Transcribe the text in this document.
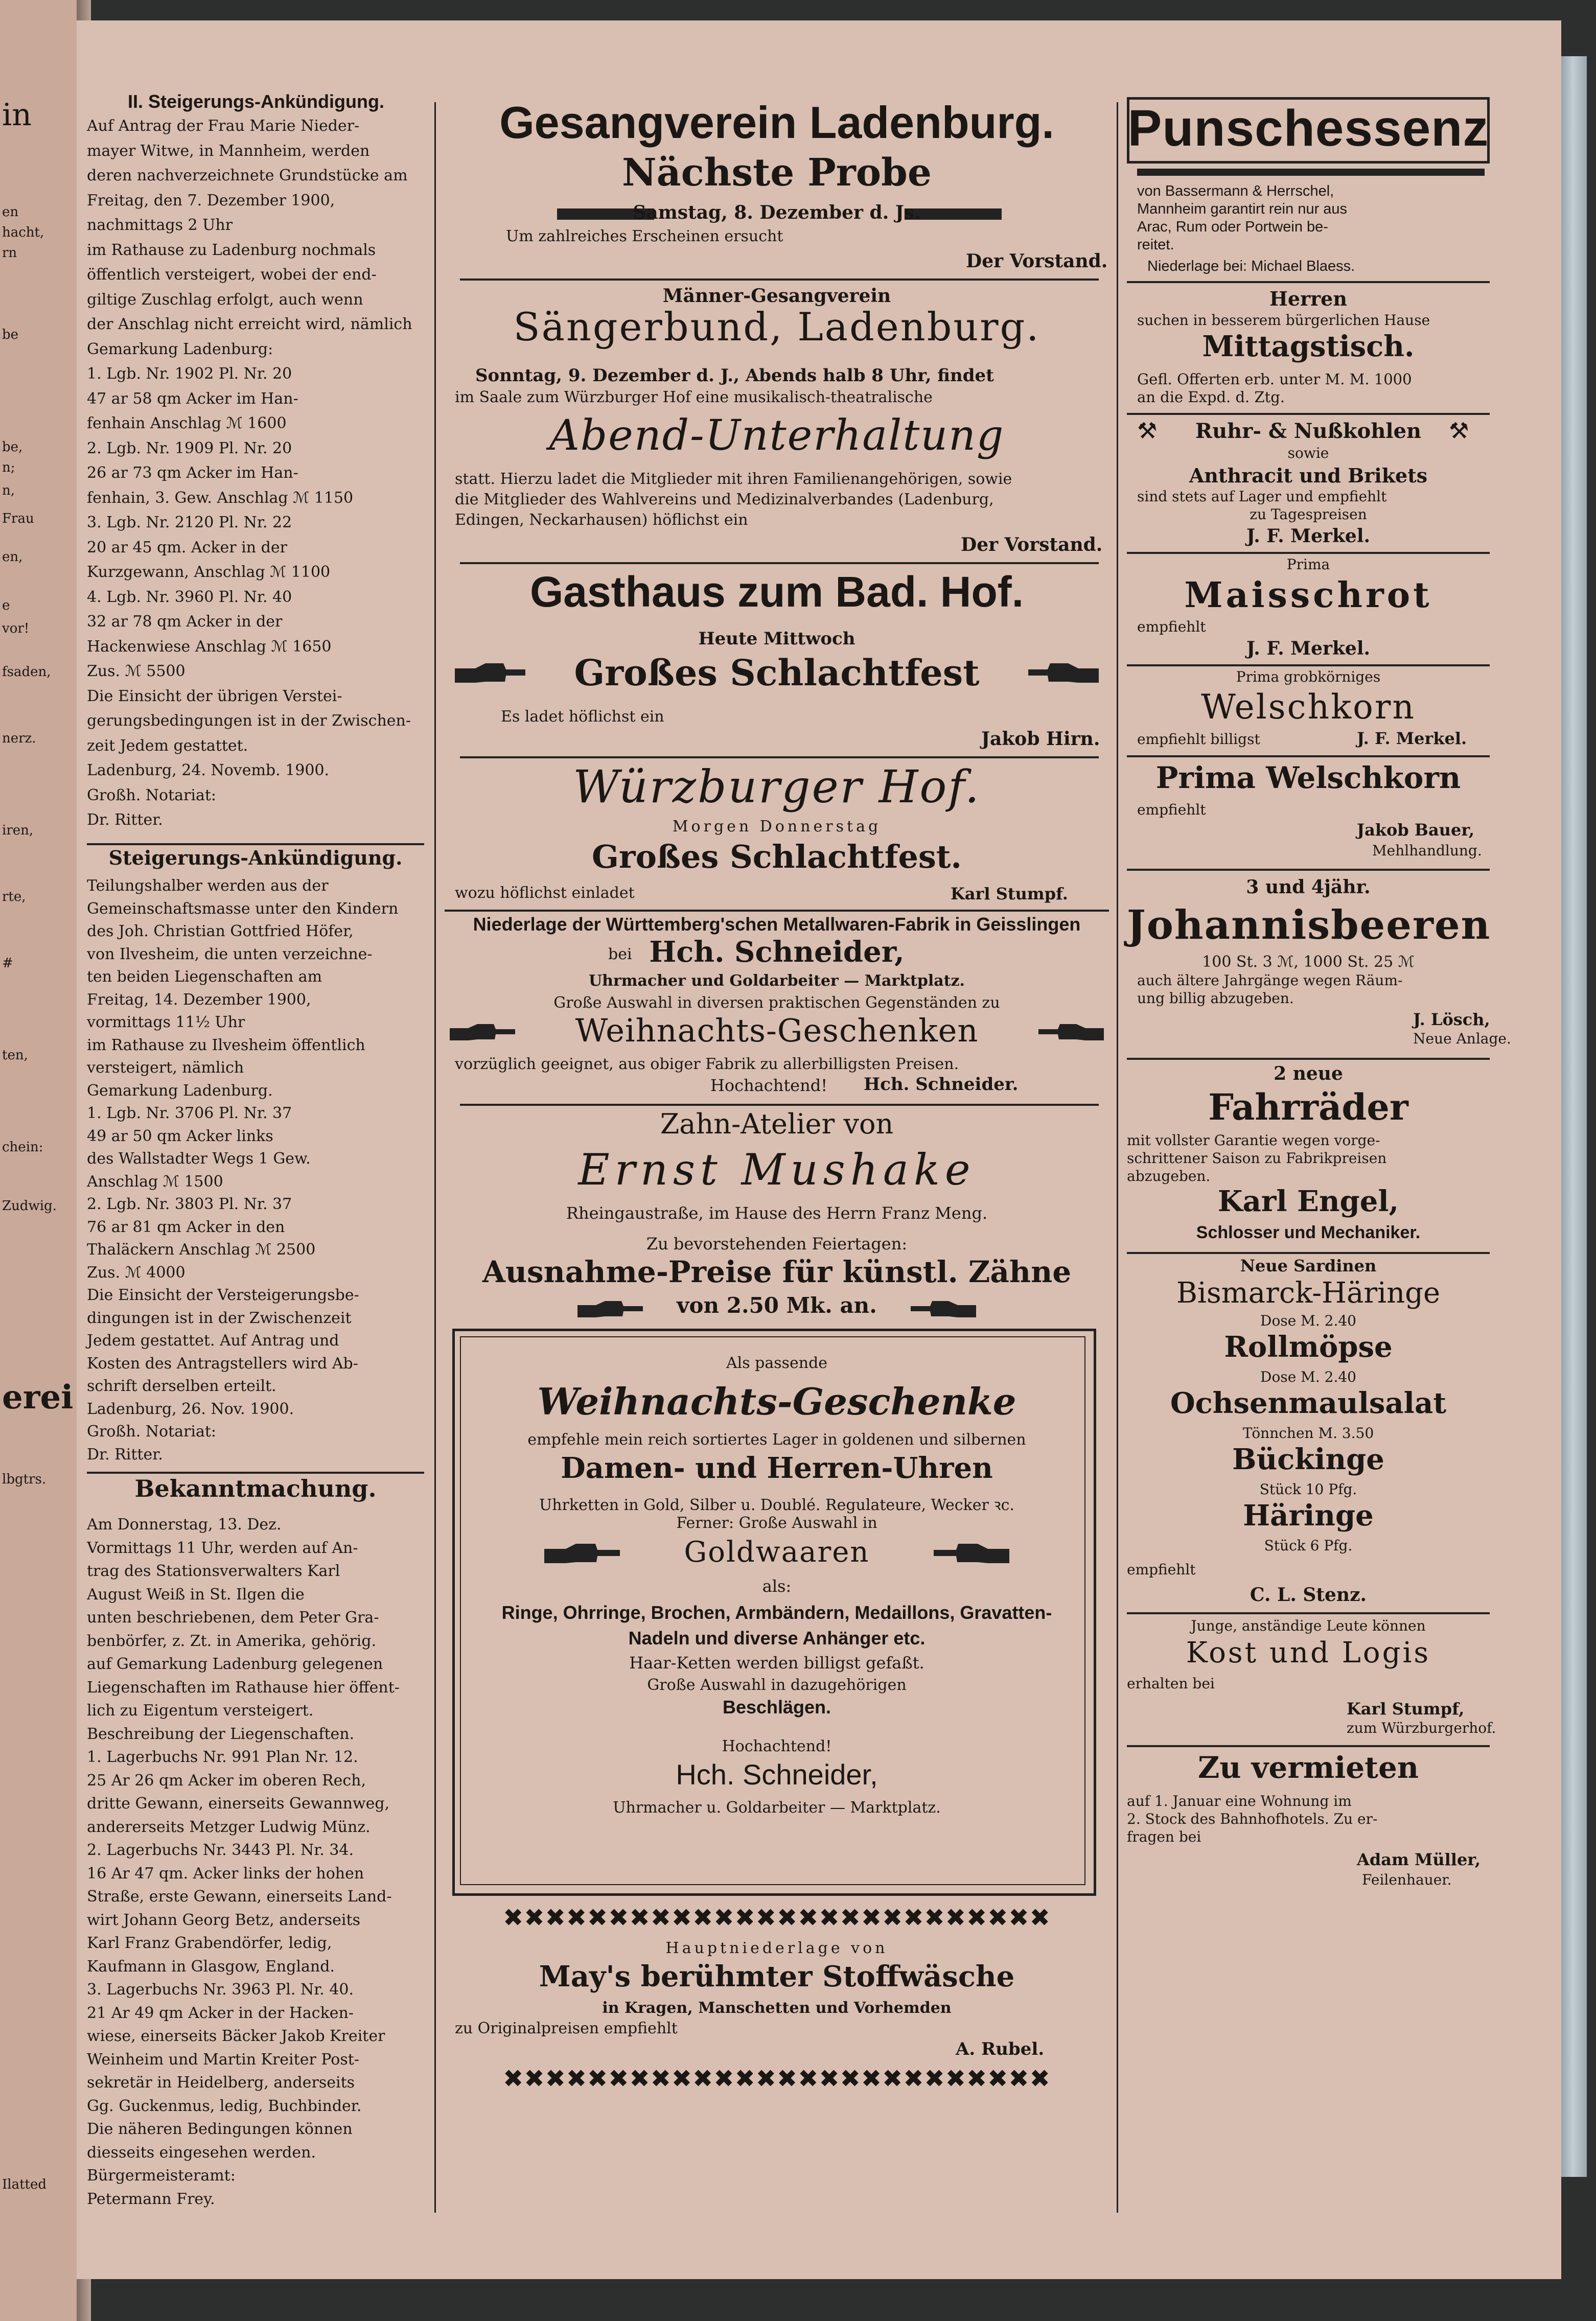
in
en
hacht,
rn
be
be,
n;
n,
Frau
en,
e
vor!
fsaden,
nerz.
iren,
rte,
#
ten,
chein:
Zudwig.
erei
lbgtrs.
Ilatted
II. Steigerungs-Ankündigung.
Auf Antrag der Frau Marie Nieder-
mayer Witwe, in Mannheim, werden
deren nachverzeichnete Grundstücke am
Freitag, den 7. Dezember 1900,
nachmittags 2 Uhr
im Rathause zu Ladenburg nochmals
öffentlich versteigert, wobei der end-
giltige Zuschlag erfolgt, auch wenn
der Anschlag nicht erreicht wird, nämlich
Gemarkung Ladenburg:
1. Lgb. Nr. 1902 Pl. Nr. 20
47 ar 58 qm Acker im Han-
fenhain Anschlag ℳ 1600
2. Lgb. Nr. 1909 Pl. Nr. 20
26 ar 73 qm Acker im Han-
fenhain, 3. Gew. Anschlag ℳ 1150
3. Lgb. Nr. 2120 Pl. Nr. 22
20 ar 45 qm. Acker in der
Kurzgewann, Anschlag ℳ 1100
4. Lgb. Nr. 3960 Pl. Nr. 40
32 ar 78 qm Acker in der
Hackenwiese Anschlag ℳ 1650
Zus. ℳ 5500
Die Einsicht der übrigen Verstei-
gerungsbedingungen ist in der Zwischen-
zeit Jedem gestattet.
Ladenburg, 24. Novemb. 1900.
Großh. Notariat:
Dr. Ritter.
Steigerungs-Ankündigung.
Teilungshalber werden aus der
Gemeinschaftsmasse unter den Kindern
des Joh. Christian Gottfried Höfer,
von Ilvesheim, die unten verzeichne-
ten beiden Liegenschaften am
Freitag, 14. Dezember 1900,
vormittags 11½ Uhr
im Rathause zu Ilvesheim öffentlich
versteigert, nämlich
Gemarkung Ladenburg.
1. Lgb. Nr. 3706 Pl. Nr. 37
49 ar 50 qm Acker links
des Wallstadter Wegs 1 Gew.
Anschlag ℳ 1500
2. Lgb. Nr. 3803 Pl. Nr. 37
76 ar 81 qm Acker in den
Thaläckern Anschlag ℳ 2500
Zus. ℳ 4000
Die Einsicht der Versteigerungsbe-
dingungen ist in der Zwischenzeit
Jedem gestattet. Auf Antrag und
Kosten des Antragstellers wird Ab-
schrift derselben erteilt.
Ladenburg, 26. Nov. 1900.
Großh. Notariat:
Dr. Ritter.
Bekanntmachung.
Am Donnerstag, 13. Dez.
Vormittags 11 Uhr, werden auf An-
trag des Stationsverwalters Karl
August Weiß in St. Ilgen die
unten beschriebenen, dem Peter Gra-
benbörfer, z. Zt. in Amerika, gehörig.
auf Gemarkung Ladenburg gelegenen
Liegenschaften im Rathause hier öffent-
lich zu Eigentum versteigert.
Beschreibung der Liegenschaften.
1. Lagerbuchs Nr. 991 Plan Nr. 12.
25 Ar 26 qm Acker im oberen Rech,
dritte Gewann, einerseits Gewannweg,
andererseits Metzger Ludwig Münz.
2. Lagerbuchs Nr. 3443 Pl. Nr. 34.
16 Ar 47 qm. Acker links der hohen
Straße, erste Gewann, einerseits Land-
wirt Johann Georg Betz, anderseits
Karl Franz Grabendörfer, ledig,
Kaufmann in Glasgow, England.
3. Lagerbuchs Nr. 3963 Pl. Nr. 40.
21 Ar 49 qm Acker in der Hacken-
wiese, einerseits Bäcker Jakob Kreiter
Weinheim und Martin Kreiter Post-
sekretär in Heidelberg, anderseits
Gg. Guckenmus, ledig, Buchbinder.
Die näheren Bedingungen können
diesseits eingesehen werden.
Bürgermeisteramt:
Petermann Frey.
Gesangverein Ladenburg.
Nächste Probe
Samstag, 8. Dezember d. Js.
Um zahlreiches Erscheinen ersucht
Der Vorstand.
Männer-Gesangverein
Sängerbund, Ladenburg.
Sonntag, 9. Dezember d. J., Abends halb 8 Uhr, findet
im Saale zum Würzburger Hof eine musikalisch-theatralische
Abend-Unterhaltung
statt. Hierzu ladet die Mitglieder mit ihren Familienangehörigen, sowie
die Mitglieder des Wahlvereins und Medizinalverbandes (Ladenburg,
Edingen, Neckarhausen) höflichst ein
Der Vorstand.
Gasthaus zum Bad. Hof.
Heute Mittwoch
Großes Schlachtfest
Es ladet höflichst ein
Jakob Hirn.
Würzburger Hof.
Morgen Donnerstag
Großes Schlachtfest.
wozu höflichst einladet	Karl Stumpf.
Niederlage der Württemberg'schen Metallwaren-Fabrik in Geisslingen
bei Hch. Schneider,
Uhrmacher und Goldarbeiter — Marktplatz.
Große Auswahl in diversen praktischen Gegenständen zu
Weihnachts-Geschenken
vorzüglich geeignet, aus obiger Fabrik zu allerbilligsten Preisen.
Hochachtend! Hch. Schneider.
Zahn-Atelier von
Ernst Mushake
Rheingaustraße, im Hause des Herrn Franz Meng.
Zu bevorstehenden Feiertagen:
Ausnahme-Preise für künstl. Zähne
von 2.50 Mk. an.
Als passende
Weihnachts-Geschenke
empfehle mein reich sortiertes Lager in goldenen und silbernen
Damen- und Herren-Uhren
Uhrketten in Gold, Silber u. Doublé. Regulateure, Wecker ꝛc.
Ferner: Große Auswahl in
Goldwaaren
als:
Ringe, Ohrringe, Brochen, Armbändern, Medaillons, Gravatten-
Nadeln und diverse Anhänger etc.
Haar-Ketten werden billigst gefaßt.
Große Auswahl in dazugehörigen
Beschlägen.
Hochachtend!
Hch. Schneider,
Uhrmacher u. Goldarbeiter — Marktplatz.
✖✖✖✖✖✖✖✖✖✖✖✖✖✖✖✖✖✖✖✖✖✖✖✖✖✖
Hauptniederlage von
May's berühmter Stoffwäsche
in Kragen, Manschetten und Vorhemden
zu Originalpreisen empfiehlt
A. Rubel.
✖✖✖✖✖✖✖✖✖✖✖✖✖✖✖✖✖✖✖✖✖✖✖✖✖✖
Punschessenz
von Bassermann & Herrschel,
Mannheim garantirt rein nur aus
Arac, Rum oder Portwein be-
reitet.
Niederlage bei: Michael Blaess.
Herren
suchen in besserem bürgerlichen Hause
Mittagstisch.
Gefl. Offerten erb. unter M. M. 1000
an die Expd. d. Ztg.
⚒	Ruhr- & Nußkohlen	⚒
sowie
Anthracit und Brikets
sind stets auf Lager und empfiehlt
zu Tagespreisen
J. F. Merkel.
Prima
Maisschrot
empfiehlt
J. F. Merkel.
Prima grobkörniges
Welschkorn
empfiehlt billigst	J. F. Merkel.
Prima Welschkorn
empfiehlt
Jakob Bauer,
Mehlhandlung.
3 und 4jähr.
Johannisbeeren
100 St. 3 ℳ, 1000 St. 25 ℳ
auch ältere Jahrgänge wegen Räum-
ung billig abzugeben.
J. Lösch,
Neue Anlage.
2 neue
Fahrräder
mit vollster Garantie wegen vorge-
schrittener Saison zu Fabrikpreisen
abzugeben.
Karl Engel,
Schlosser und Mechaniker.
Neue Sardinen
Bismarck-Häringe
Dose M. 2.40
Rollmöpse
Dose M. 2.40
Ochsenmaulsalat
Tönnchen M. 3.50
Bückinge
Stück 10 Pfg.
Häringe
Stück 6 Pfg.
empfiehlt
C. L. Stenz.
Junge, anständige Leute können
Kost und Logis
erhalten bei
Karl Stumpf,
zum Würzburgerhof.
Zu vermieten
auf 1. Januar eine Wohnung im
2. Stock des Bahnhofhotels. Zu er-
fragen bei
Adam Müller,
Feilenhauer.
